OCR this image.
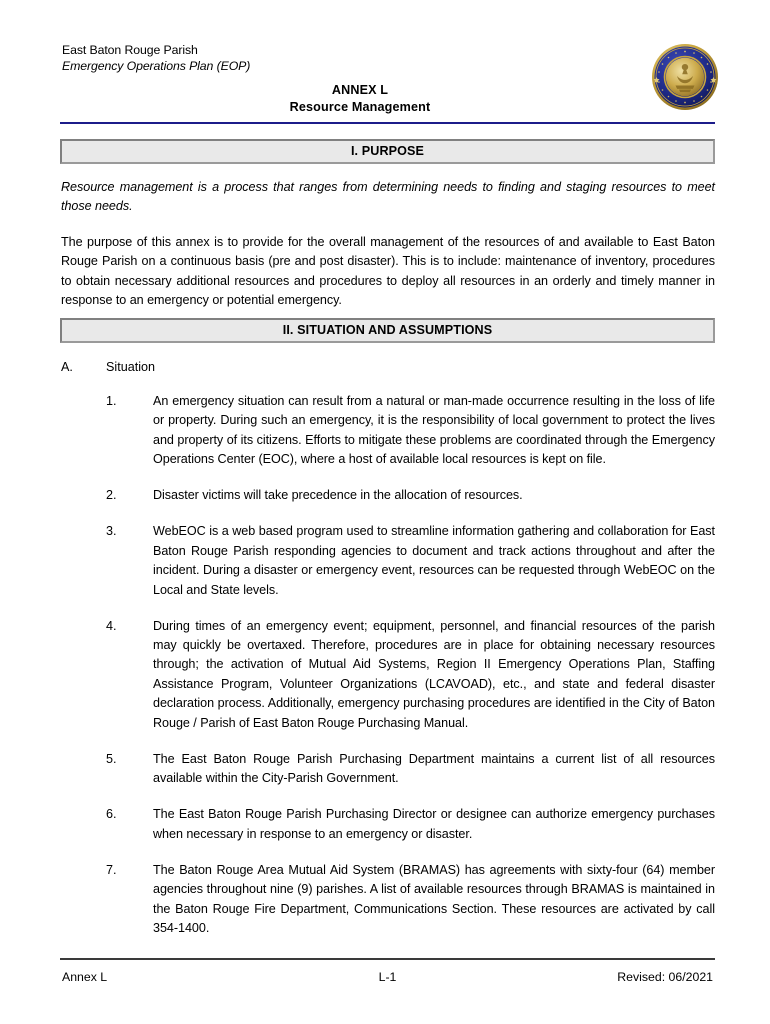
East Baton Rouge Parish
Emergency Operations Plan (EOP)
ANNEX L
Resource Management
I. PURPOSE
Resource management is a process that ranges from determining needs to finding and staging resources to meet those needs.
The purpose of this annex is to provide for the overall management of the resources of and available to East Baton Rouge Parish on a continuous basis (pre and post disaster). This is to include: maintenance of inventory, procedures to obtain necessary additional resources and procedures to deploy all resources in an orderly and timely manner in response to an emergency or potential emergency.
II. SITUATION AND ASSUMPTIONS
A.	Situation
1.	An emergency situation can result from a natural or man-made occurrence resulting in the loss of life or property. During such an emergency, it is the responsibility of local government to protect the lives and property of its citizens. Efforts to mitigate these problems are coordinated through the Emergency Operations Center (EOC), where a host of available local resources is kept on file.
2.	Disaster victims will take precedence in the allocation of resources.
3.	WebEOC is a web based program used to streamline information gathering and collaboration for East Baton Rouge Parish responding agencies to document and track actions throughout and after the incident. During a disaster or emergency event, resources can be requested through WebEOC on the Local and State levels.
4.	During times of an emergency event; equipment, personnel, and financial resources of the parish may quickly be overtaxed. Therefore, procedures are in place for obtaining necessary resources through; the activation of Mutual Aid Systems, Region II Emergency Operations Plan, Staffing Assistance Program, Volunteer Organizations (LCAVOAD), etc., and state and federal disaster declaration process. Additionally, emergency purchasing procedures are identified in the City of Baton Rouge / Parish of East Baton Rouge Purchasing Manual.
5.	The East Baton Rouge Parish Purchasing Department maintains a current list of all resources available within the City-Parish Government.
6.	The East Baton Rouge Parish Purchasing Director or designee can authorize emergency purchases when necessary in response to an emergency or disaster.
7.	The Baton Rouge Area Mutual Aid System (BRAMAS) has agreements with sixty-four (64) member agencies throughout nine (9) parishes. A list of available resources through BRAMAS is maintained in the Baton Rouge Fire Department, Communications Section. These resources are activated by call 354-1400.
L-1
Annex L	Revised: 06/2021
